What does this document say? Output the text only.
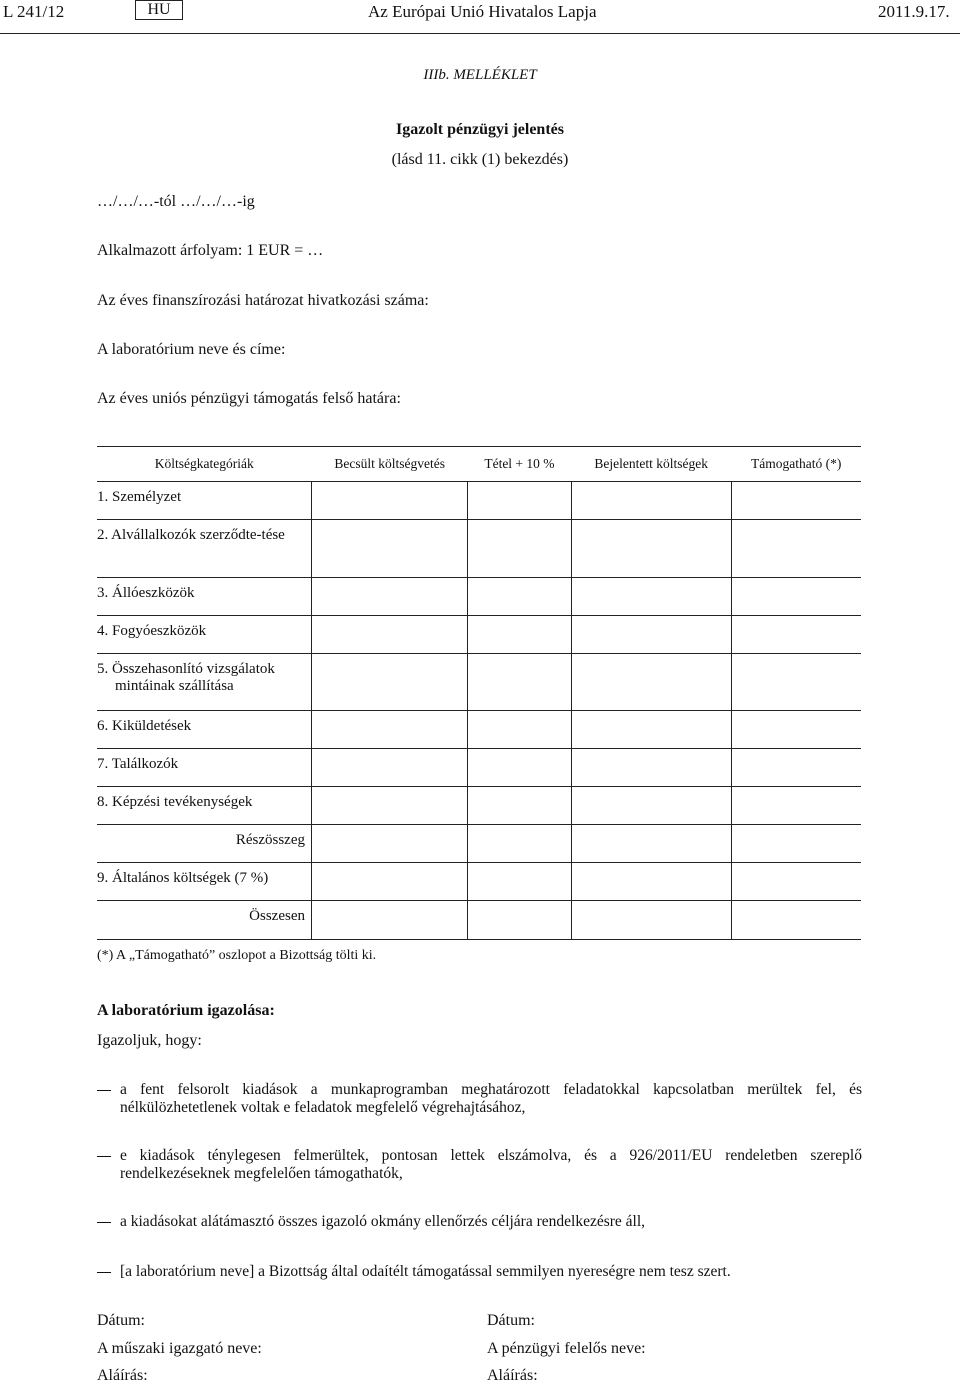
L 241/12	HU	Az Európai Unió Hivatalos Lapja	2011.9.17.
IIIb. MELLÉKLET
Igazolt pénzügyi jelentés
(lásd 11. cikk (1) bekezdés)
…/…/…-tól …/…/…-ig
Alkalmazott árfolyam: 1 EUR = …
Az éves finanszírozási határozat hivatkozási száma:
A laboratórium neve és címe:
Az éves uniós pénzügyi támogatás felső határa:
Költségkategóriák	Becsült költségvetés	Tétel + 10 %	Bejelentett költségek	Támogatható (*)
1. Személyzet				

2. Alvállalkozók szerződte-tése				

3. Állóeszközök				
4. Fogyóeszközök				

5. Összehasonlító vizsgálatok mintáinak szállítása				

6. Kiküldetések				
7. Találkozók				
8. Képzési tevékenységek				
Részösszeg				
9. Általános költségek (7 %)				
Összesen				
(*) A „Támogatható” oszlopot a Bizottság tölti ki.
A laboratórium igazolása:
Igazoljuk, hogy:
a fent felsorolt kiadások a munkaprogramban meghatározott feladatokkal kapcsolatban merültek fel, és nélkülözhetetlenek voltak e feladatok megfelelő végrehajtásához,
e kiadások ténylegesen felmerültek, pontosan lettek elszámolva, és a 926/2011/EU rendeletben szereplő rendelkezéseknek megfelelően támogathatók,
a kiadásokat alátámasztó összes igazoló okmány ellenőrzés céljára rendelkezésre áll,
[a laboratórium neve] a Bizottság által odaítélt támogatással semmilyen nyereségre nem tesz szert.
Dátum:
A műszaki igazgató neve:
Aláírás:
Dátum:
A pénzügyi felelős neve:
Aláírás:
